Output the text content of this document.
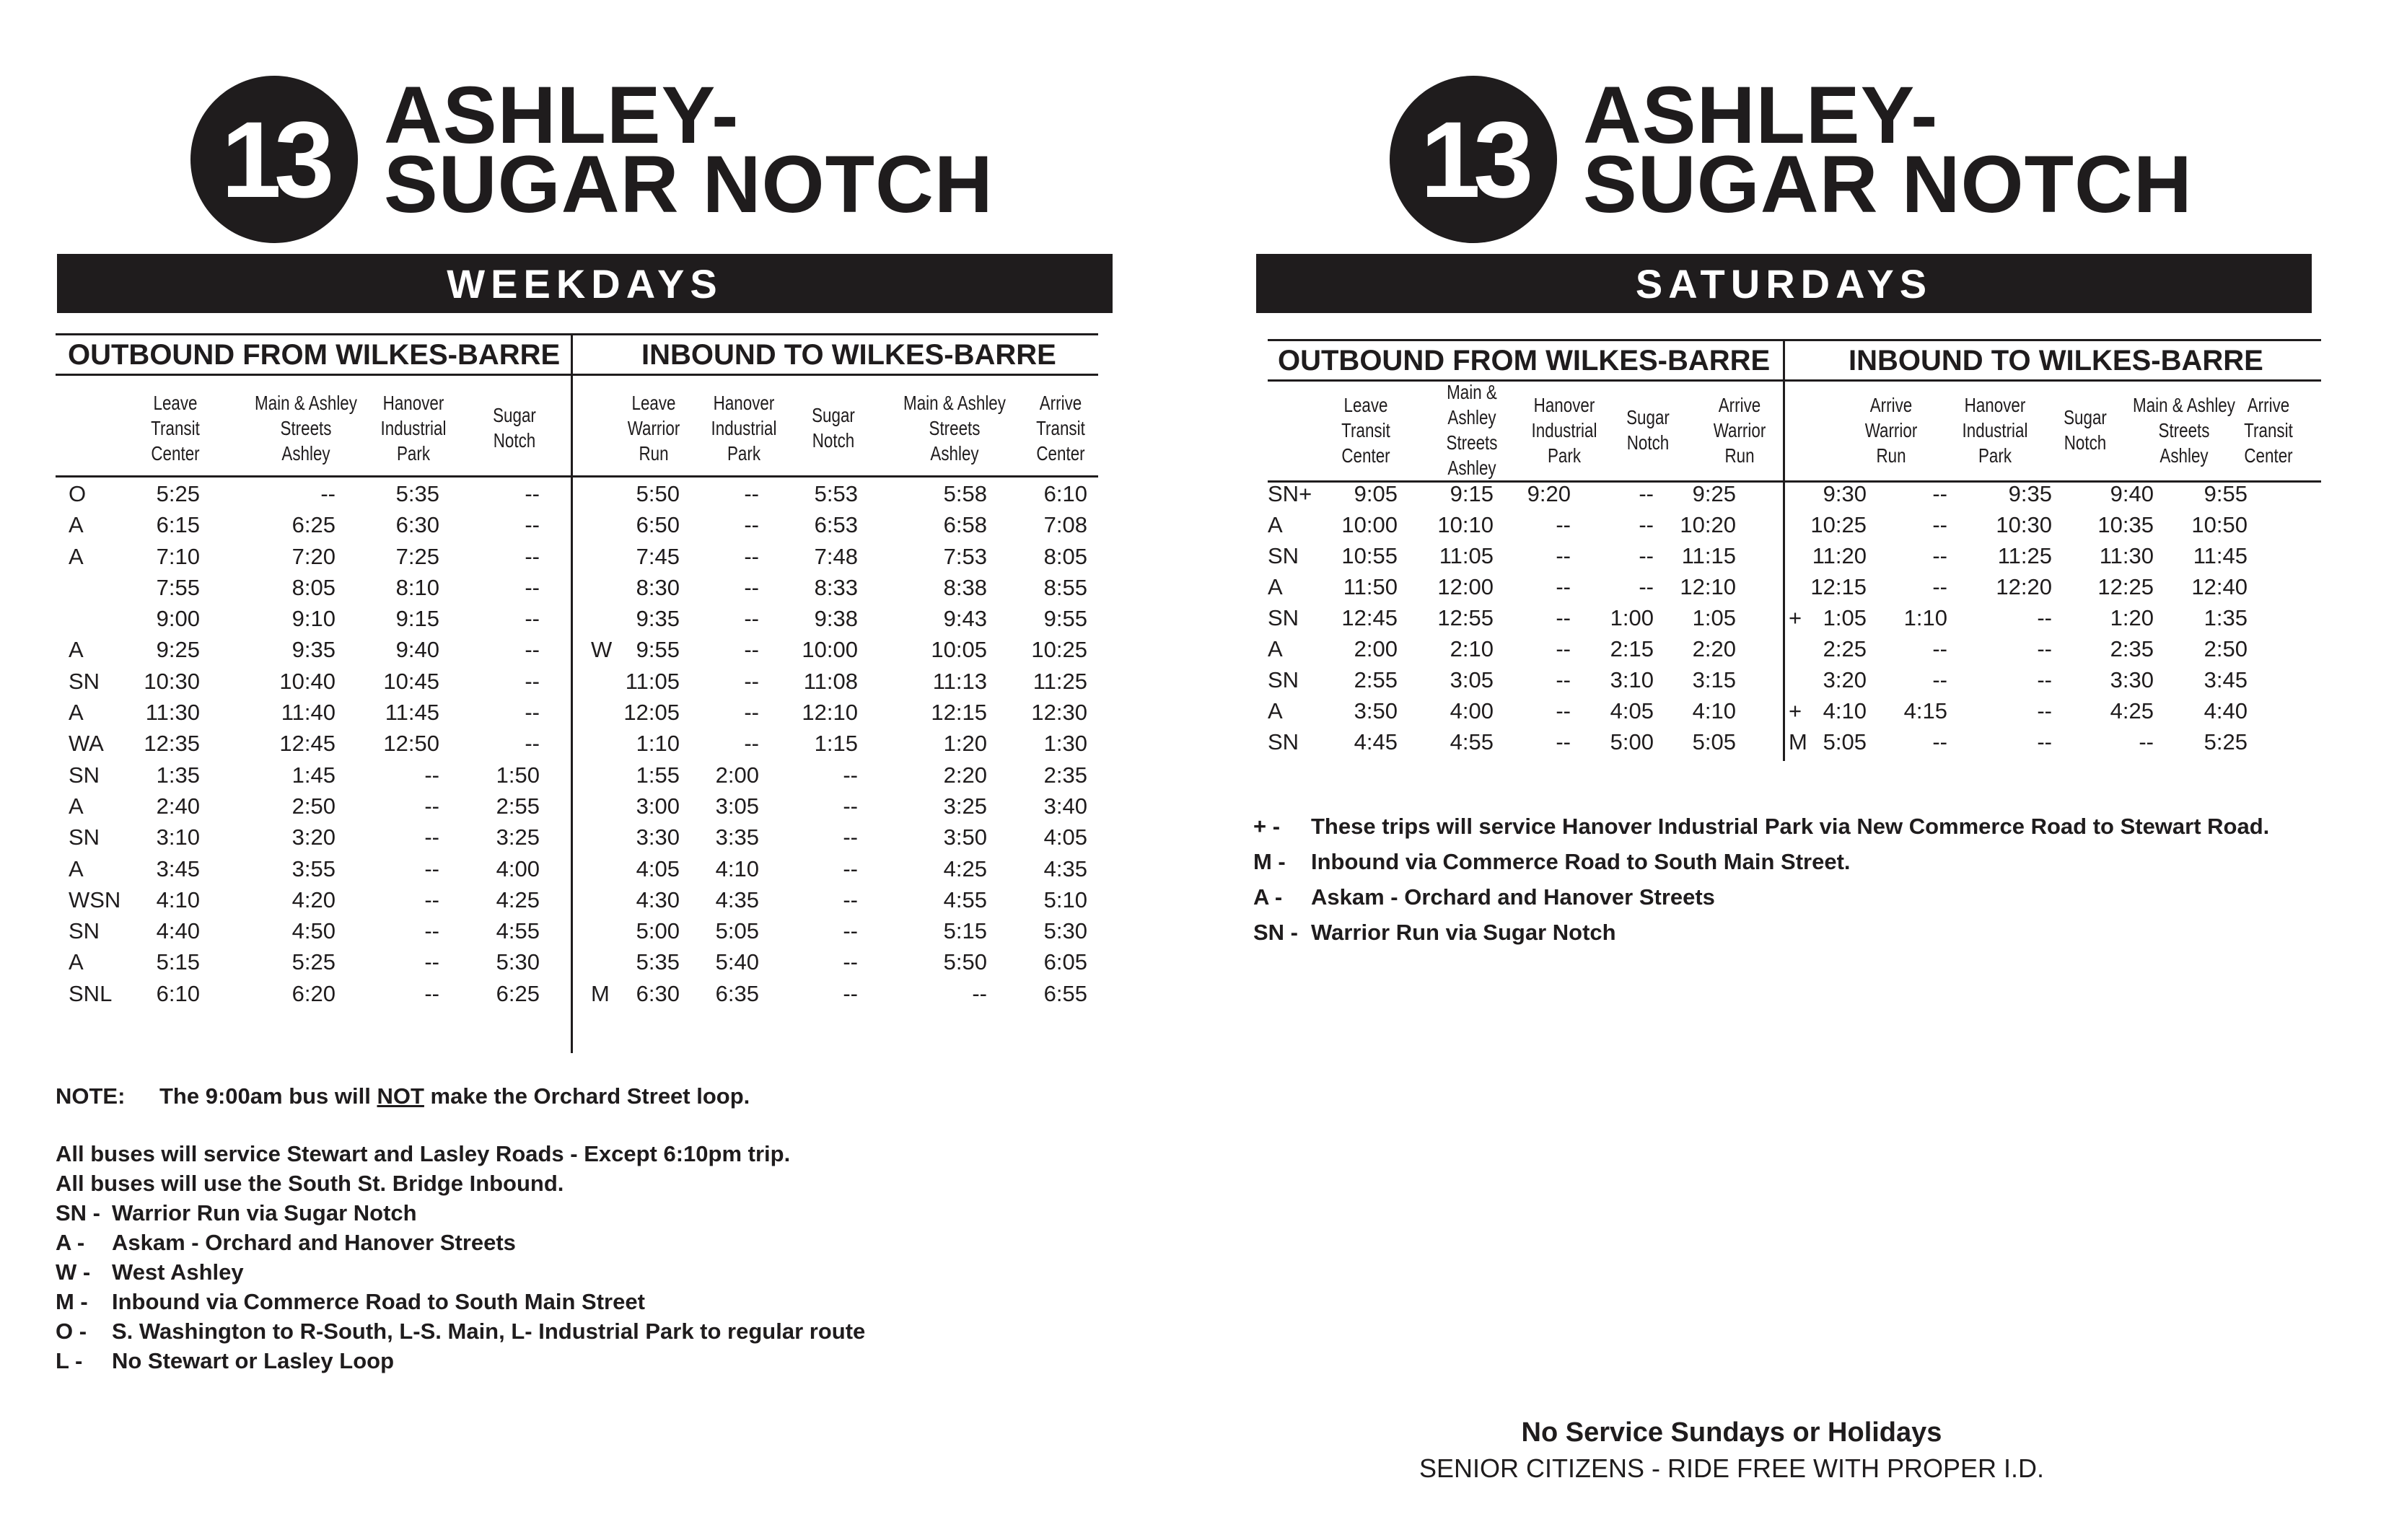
13 ASHLEY-
SUGAR NOTCH
WEEKDAYS
OUTBOUND FROM WILKES-BARRE	INBOUND TO WILKES-BARRE
Leave
Transit
Center
Main & Ashley
Streets
Ashley
Hanover
Industrial
Park
Sugar
Notch
Leave
Warrior
Run
Hanover
Industrial
Park
Sugar
Notch
Main & Ashley
Streets
Ashley
Arrive
Transit
Center
O	5:25	--	5:35	--	5:50	-- 5:53	5:58	6:10
A	6:15	6:25	6:30	--	6:50	-- 6:53	6:58	7:08
A	7:10	7:20	7:25	--	7:45	-- 7:48	7:53	8:05
7:55	8:05	8:10	--	8:30	-- 8:33	8:38	8:55
9:00	9:10	9:15	--	9:35	-- 9:38	9:43	9:55
A	9:25	9:35	9:40	-- W 9:55	-- 10:00	10:05 10:25
SN 10:30	10:40 10:45	--	11:05	-- 11:08	11:13 11:25
A	11:30	11:40 11:45	--	12:05	-- 12:10	12:15 12:30
WA 12:35	12:45 12:50	--	1:10	-- 1:15	1:20	1:30
SN	1:35	1:45	--	1:50	1:55 2:00	--	2:20	2:35
A	2:40	2:50	--	2:55	3:00 3:05	--	3:25	3:40
SN	3:10	3:20	--	3:25	3:30 3:35	--	3:50	4:05
A	3:45	3:55	--	4:00	4:05 4:10	--	4:25	4:35
WSN 4:10	4:20	--	4:25	4:30 4:35	--	4:55	5:10
SN	4:40	4:50	--	4:55	5:00 5:05	--	5:15	5:30
A	5:15	5:25	--	5:30	5:35 5:40	--	5:50	6:05
SNL 6:10	6:20	--	6:25 M 6:30 6:35	--	--	6:55
NOTE: The 9:00am bus will NOT make the Orchard Street loop.
All buses will service Stewart and Lasley Roads - Except 6:10pm trip.
All buses will use the South St. Bridge Inbound.
SN - Warrior Run via Sugar Notch
A - Askam - Orchard and Hanover Streets
W - West Ashley
M - Inbound via Commerce Road to South Main Street
O - S. Washington to R-South, L-S. Main, L- Industrial Park to regular route
L - No Stewart or Lasley Loop
13 ASHLEY-
SUGAR NOTCH
SATURDAYS
OUTBOUND FROM WILKES-BARRE	INBOUND TO WILKES-BARRE
Leave
Transit
Center
Main &
Ashley
Streets
Ashley
Hanover
Industrial
Park
Sugar
Notch
Arrive
Warrior
Run
Arrive
Warrior
Run
Hanover
Industrial
Park
Sugar
Notch
Main & Ashley
Streets
Ashley
Arrive
Transit
Center
SN+ 9:05 9:15 9:20	-- 9:25	9:30	--	9:35	9:40 9:55
A	10:00 10:10	--	-- 10:20	10:25	-- 10:30 10:35 10:50
SN 10:55 11:05	--	-- 11:15	11:20	-- 11:25 11:30 11:45
A	11:50 12:00	--	-- 12:10	12:15	-- 12:20 12:25 12:40
SN 12:45 12:55	-- 1:00 1:05 + 1:05 1:10	--	1:20 1:35
A	2:00 2:10	-- 2:15 2:20	2:25	--	--	2:35 2:50
SN 2:55 3:05	-- 3:10 3:15	3:20	--	--	3:30 3:45
A	3:50 4:00	-- 4:05 4:10 + 4:10 4:15	--	4:25 4:40
SN 4:45 4:55	-- 5:00 5:05 M 5:05	--	--	-- 5:25
+ - These trips will service Hanover Industrial Park via New Commerce Road to Stewart Road.
M - Inbound via Commerce Road to South Main Street.
A - Askam - Orchard and Hanover Streets
SN - Warrior Run via Sugar Notch
No Service Sundays or Holidays
SENIOR CITIZENS - RIDE FREE WITH PROPER I.D.
